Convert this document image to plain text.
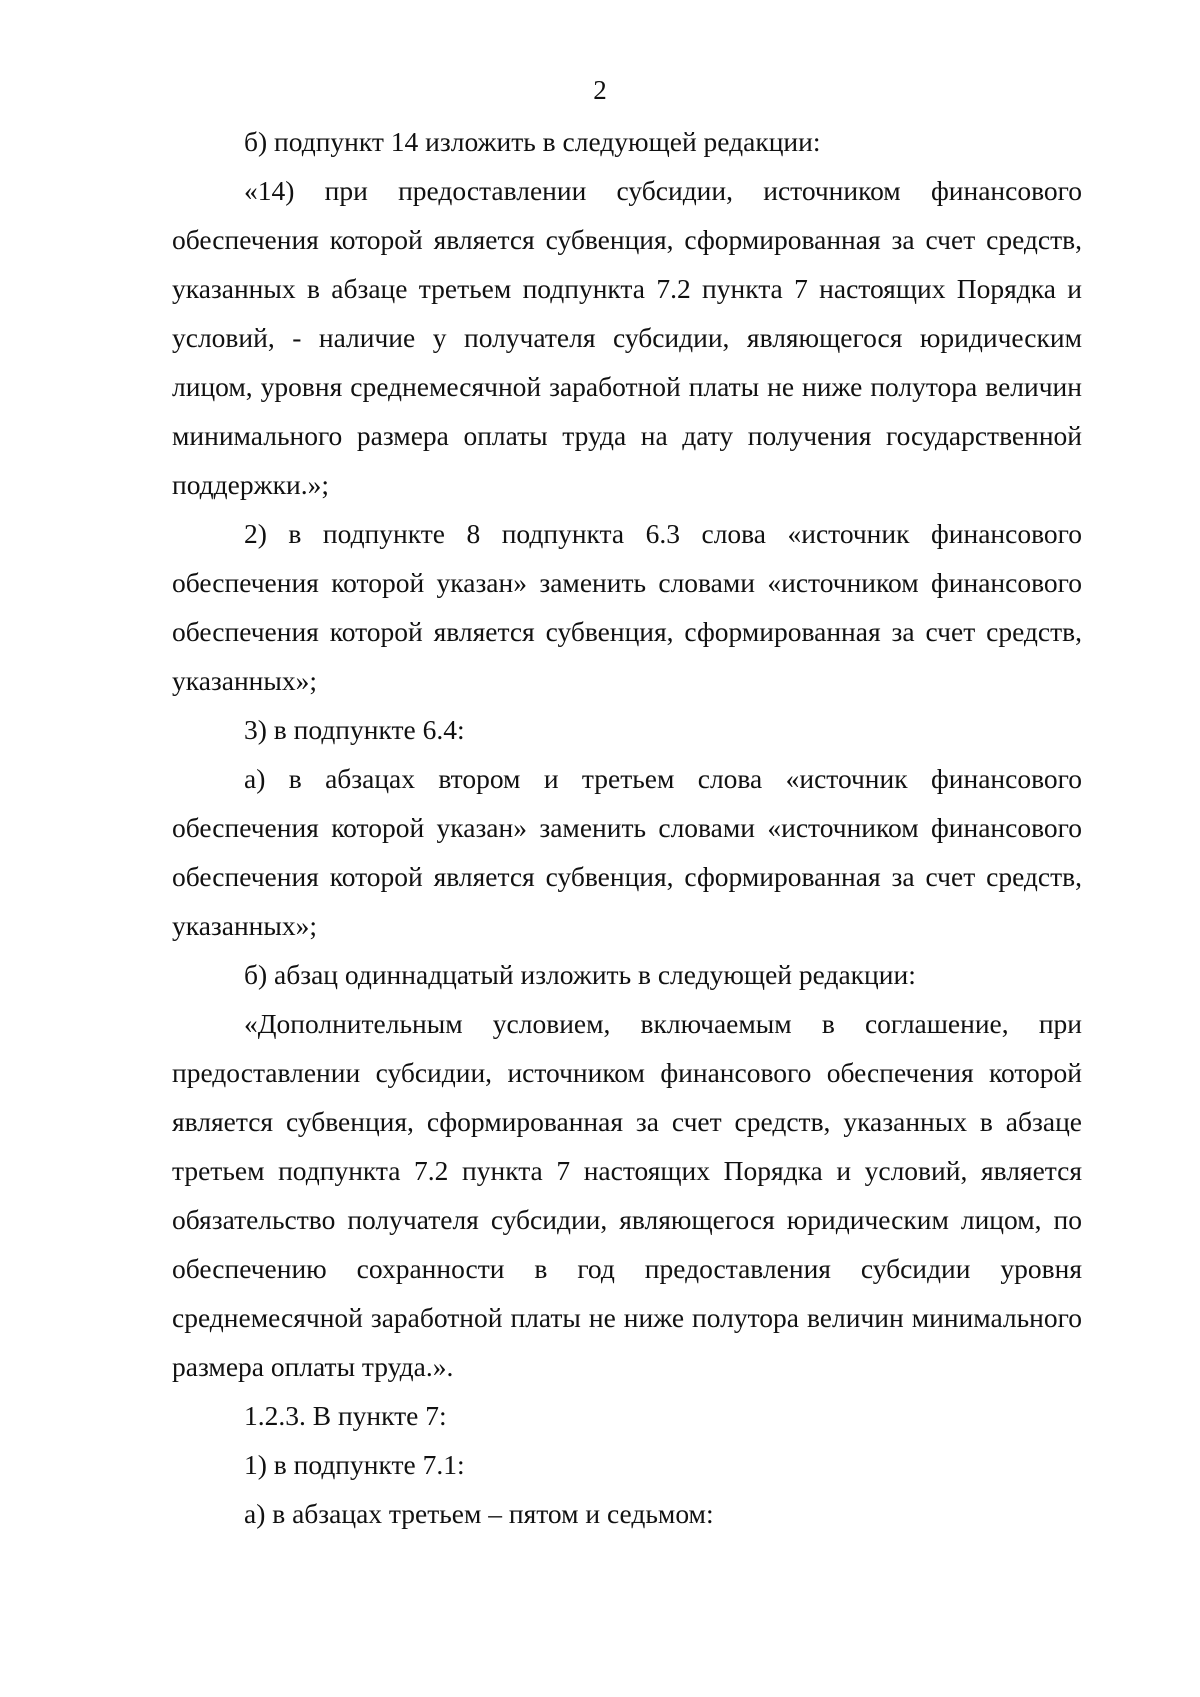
2

б) подпункт 14 изложить в следующей редакции:

«14) при предоставлении субсидии, источником финансового обеспечения которой является субвенция, сформированная за счет средств, указанных в абзаце третьем подпункта 7.2 пункта 7 настоящих Порядка и условий, - наличие у получателя субсидии, являющегося юридическим лицом, уровня среднемесячной заработной платы не ниже полутора величин минимального размера оплаты труда на дату получения государственной поддержки.»;

2) в подпункте 8 подпункта 6.3 слова «источник финансового обеспечения которой указан» заменить словами «источником финансового обеспечения которой является субвенция, сформированная за счет средств, указанных»;

3) в подпункте 6.4:

а) в абзацах втором и третьем слова «источник финансового обеспечения которой указан» заменить словами «источником финансового обеспечения которой является субвенция, сформированная за счет средств, указанных»;

б) абзац одиннадцатый изложить в следующей редакции:

«Дополнительным условием, включаемым в соглашение, при предоставлении субсидии, источником финансового обеспечения которой является субвенция, сформированная за счет средств, указанных в абзаце третьем подпункта 7.2 пункта 7 настоящих Порядка и условий, является обязательство получателя субсидии, являющегося юридическим лицом, по обеспечению сохранности в год предоставления субсидии уровня среднемесячной заработной платы не ниже полутора величин минимального размера оплаты труда.».

1.2.3. В пункте 7:

1) в подпункте 7.1:

а) в абзацах третьем – пятом и седьмом:
